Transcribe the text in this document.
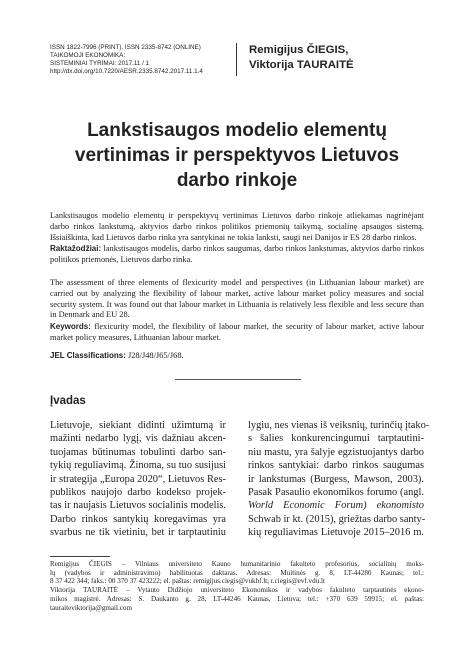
ISSN 1822-7996 (PRINT), ISSN 2335-8742 (ONLINE)
TAIKOMOJI EKONOMIKA:
SISTEMINIAI TYRIMAI: 2017.11 / 1
http://dx.doi.org/10.7220/AESR.2335.8742.2017.11.1.4
Remigijus ČIEGIS,
Viktorija TAURAITĖ
Lankstisaugos modelio elementų
vertinimas ir perspektyvos Lietuvos
darbo rinkoje
Lankstisaugos modelio elementų ir perspektyvų vertinimas Lietuvos darbo rinkoje atliekamas nagrinėjant darbo rinkos lankstumą, aktyvios darbo rinkos politikos priemonių taikymą, socialinę apsaugos sistemą. Išsiaiškinta, kad Lietuvos darbo rinka yra santykinai ne tokia lanksti, saugi nei Danijos ir ES 28 darbo rinkos.
Raktažodžiai: lankstisaugos modelis, darbo rinkos saugumas, darbo rinkos lankstumas, aktyvios darbo rinkos politikos priemonės, Lietuvos darbo rinka.
The assessment of three elements of flexicurity model and perspectives (in Lithuanian labour market) are carried out by analyzing the flexibility of labour market, active labour market policy measures and social security system. It was found out that labour market in Lithuania is relatively less flexible and less secure than in Denmark and EU 28.
Keywords: flexicurity model, the flexibility of labour market, the security of labour market, active labour market policy measures, Lithuanian labour market.
JEL Classifications: J28/J48/J65/J68.
Įvadas
Lietuvoje, siekiant didinti užimtumą ir
mažinti nedarbo lygį, vis dažniau akcen-
tuojamas būtinumas tobulinti darbo san-
tykių reguliavimą. Žinoma, su tuo susijusi
ir strategija „Europa 2020“, Lietuvos Res-
publikos naujojo darbo kodekso projek-
tas ir naujasis Lietuvos socialinis modelis.
Darbo rinkos santykių koregavimas yra
svarbus ne tik vietiniu, bet ir tarptautiniu
lygiu, nes vienas iš veiksnių, turinčių įtako-
s šalies konkurencingumui tarptautini-
niu mastu, yra šalyje egzistuojantys darbo
rinkos santykiai: darbo rinkos saugumas
ir lankstumas (Burgess, Mawson, 2003).
Pasak Pasaulio ekonomikos forumo (angl.
World Economic Forum) ekonomisto
Schwab ir kt. (2015), griežtas darbo santy-
kių reguliavimas Lietuvoje 2015–2016 m.
Remigijus ČIEGIS – Vilniaus universiteto Kauno humanitarinio fakulteto profesorius, socialinių moks-
lų (vadybos ir administravimo) habilituotas daktaras. Adresas: Muitinės g. 8, LT-44280 Kaunas; tel.:
8 37 422 344; faks.: 00 370 37 423222; el. paštas: remigijus.ciegis@vukhf.lt; r.ciegis@evf.vdu.lt
Viktorija TAURAITĖ – Vytauto Didžiojo universiteto Ekonomikos ir vadybos fakulteto tarptautinės ekono-
mikos magistrė. Adresas: S. Daukanto g. 28, LT-44246 Kaunas, Lietuva; tel.: +370 639 59915; el. paštas:
tauraiteviktorija@gmail.com
